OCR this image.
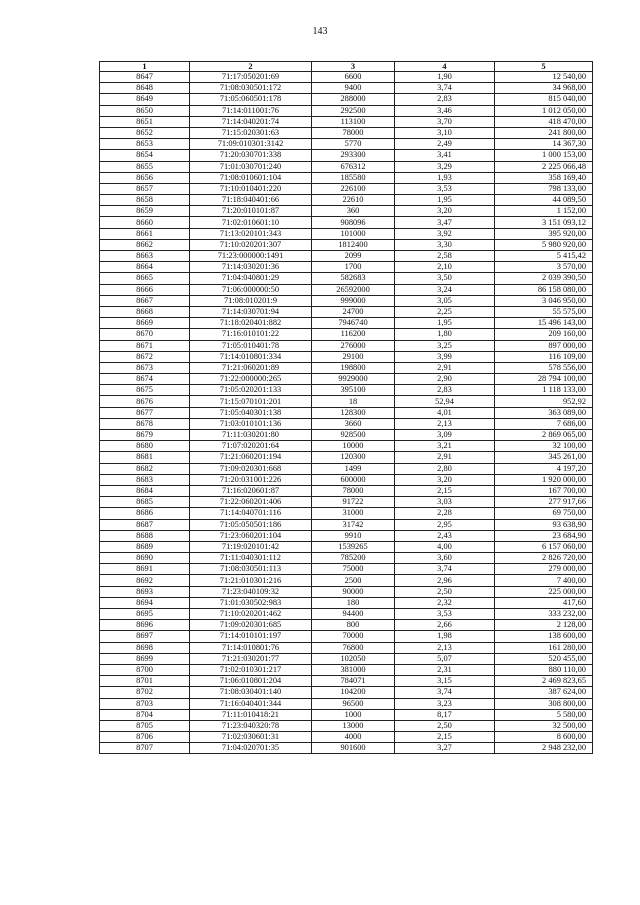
143
1	2	3	4	5
8647	71:17:050201:69	6600	1,90	12 540,00
8648	71:08:030501:172	9400	3,74	34 968,00
8649	71:05:060501:178	288000	2,83	815 040,00
8650	71:14:011001:76	292500	3,46	1 012 050,00
8651	71:14:040201:74	113100	3,70	418 470,00
8652	71:15:020301:63	78000	3,10	241 800,00
8653	71:09:010301:3142	5770	2,49	14 367,30
8654	71:20:030701:338	293300	3,41	1 000 153,00
8655	71:01:030701:240	676312	3,29	2 225 066,48
8656	71:08:010601:104	185580	1,93	358 169,40
8657	71:10:010401:220	226100	3,53	798 133,00
8658	71:18:040401:66	22610	1,95	44 089,50
8659	71:20:010101:87	360	3,20	1 152,00
8660	71:02:010601:10	908096	3,47	3 151 093,12
8661	71:13:020101:343	101000	3,92	395 920,00
8662	71:10:020201:307	1812400	3,30	5 980 920,00
8663	71:23:000000:1491	2099	2,58	5 415,42
8664	71:14:030201:36	1700	2,10	3 570,00
8665	71:04:040801:29	582683	3,50	2 039 390,50
8666	71:06:000000:50	26592000	3,24	86 158 080,00
8667	71:08:010201:9	999000	3,05	3 046 950,00
8668	71:14:030701:94	24700	2,25	55 575,00
8669	71:18:020401:882	7946740	1,95	15 496 143,00
8670	71:16:010101:22	116200	1,80	209 160,00
8671	71:05:010401:78	276000	3,25	897 000,00
8672	71:14:010801:334	29100	3,99	116 109,00
8673	71:21:060201:89	198800	2,91	578 556,00
8674	71:22:000000:265	9929000	2,90	28 794 100,00
8675	71:05:020201:133	395100	2,83	1 118 133,00
8676	71:15:070101:201	18	52,94	952,92
8677	71:05:040301:138	128300	4,01	363 089,00
8678	71:03:010101:136	3660	2,13	7 686,00
8679	71:11:030201:80	928500	3,09	2 869 065,00
8680	71:07:020201:64	10000	3,21	32 100,00
8681	71:21:060201:194	120300	2,91	345 261,00
8682	71:09:020301:668	1499	2,80	4 197,20
8683	71:20:031001:226	600000	3,20	1 920 000,00
8684	71:16:020601:87	78000	2,15	167 700,00
8685	71:22:060201:406	91722	3,03	277 917,66
8686	71:14:040701:116	31000	2,28	69 750,00
8687	71:05:050501:186	31742	2,95	93 638,90
8688	71:23:060201:104	9910	2,43	23 684,90
8689	71:19:020101:42	1539265	4,00	6 157 060,00
8690	71:11:040301:112	785200	3,60	2 826 720,00
8691	71:08:030501:113	75000	3,74	279 000,00
8692	71:21:010301:216	2500	2,96	7 400,00
8693	71:23:040109:32	90000	2,50	225 000,00
8694	71:01:030502:983	180	2,32	417,60
8695	71:10:020201:462	94400	3,53	333 232,00
8696	71:09:020301:685	800	2,66	2 128,00
8697	71:14:010101:197	70000	1,98	138 600,00
8698	71:14:010801:76	76800	2,13	161 280,00
8699	71:21:030201:77	102050	5,07	520 455,00
8700	71:02:010301:217	381000	2,31	880 110,00
8701	71:06:010801:204	784071	3,15	2 469 823,65
8702	71:08:030401:140	104200	3,74	387 624,00
8703	71:16:040401:344	96500	3,23	308 800,00
8704	71:11:010418:21	1000	8,17	5 580,00
8705	71:23:040320:78	13000	2,50	32 500,00
8706	71:02:030601:31	4000	2,15	8 600,00
8707	71:04:020701:35	901600	3,27	2 948 232,00
